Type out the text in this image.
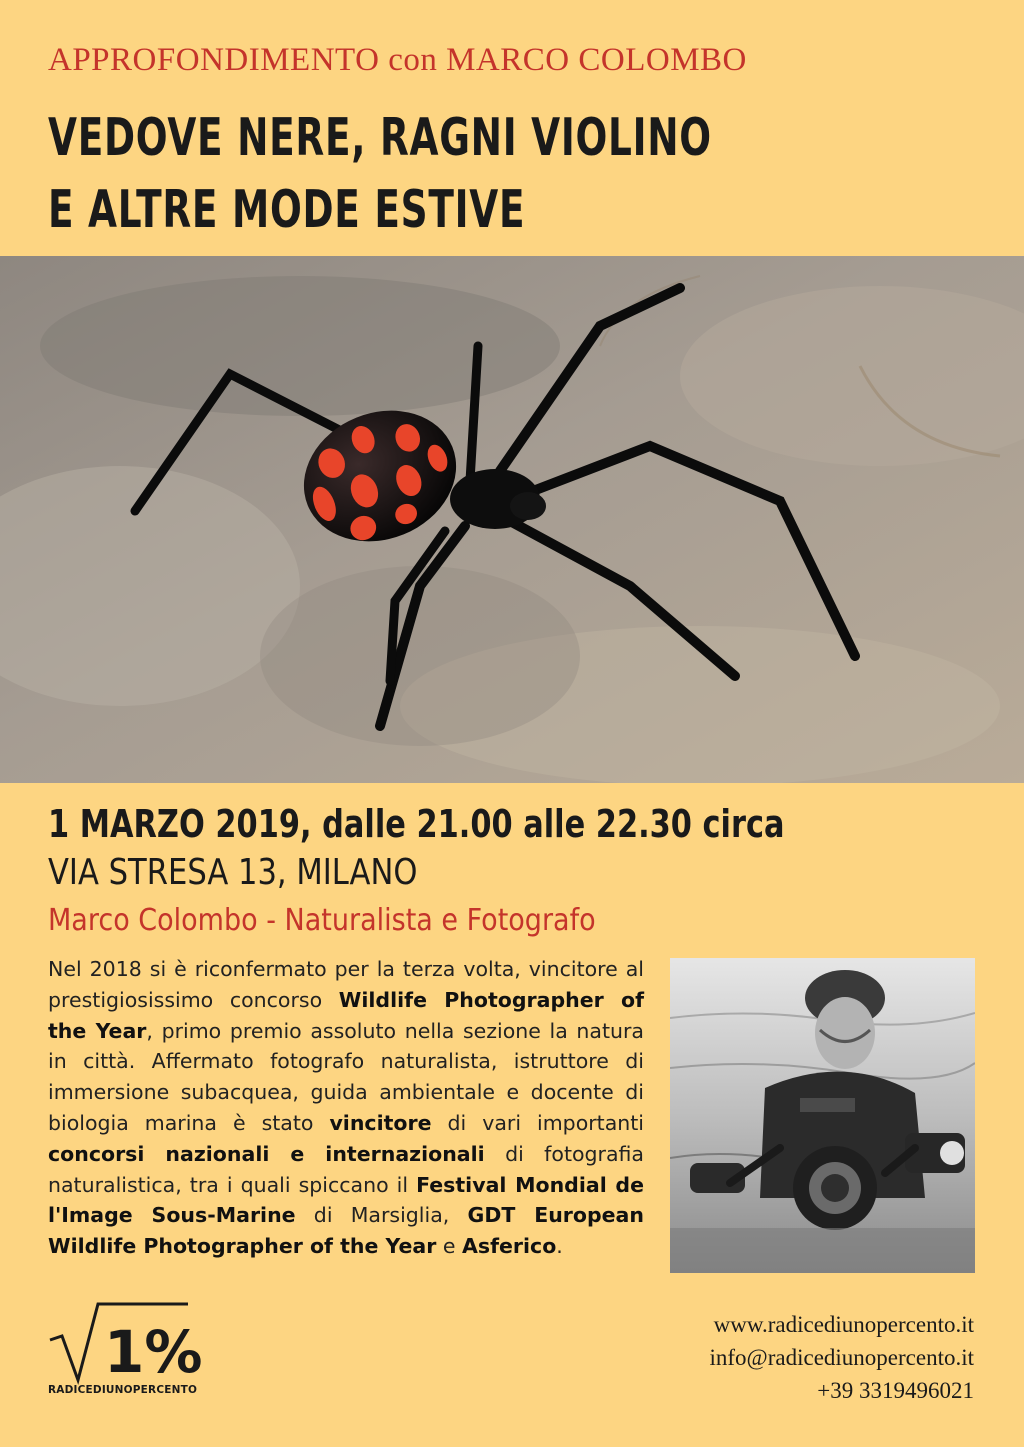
APPROFONDIMENTO con MARCO COLOMBO
VEDOVE NERE, RAGNI VIOLINO
E ALTRE MODE ESTIVE
1 MARZO 2019, dalle 21.00 alle 22.30 circa
VIA STRESA 13, MILANO
Marco Colombo - Naturalista e Fotografo
Nel 2018 si è riconfermato per la terza volta, vincitore al prestigiosissimo concorso Wildlife Photographer of the Year, primo premio assoluto nella sezione la natura in città. Affermato fotografo naturalista, istruttore di immersione subacquea, guida ambientale e docente di biologia marina è stato vincitore di vari importanti concorsi nazionali e internazionali di fotografia naturalistica, tra i quali spiccano il Festival Mondial de l'Image Sous-Marine di Marsiglia, GDT European Wildlife Photographer of the Year e Asferico.
1%
RADICEDIUNOPERCENTO
www.radicediunopercento.it
info@radicediunopercento.it
+39 3319496021
